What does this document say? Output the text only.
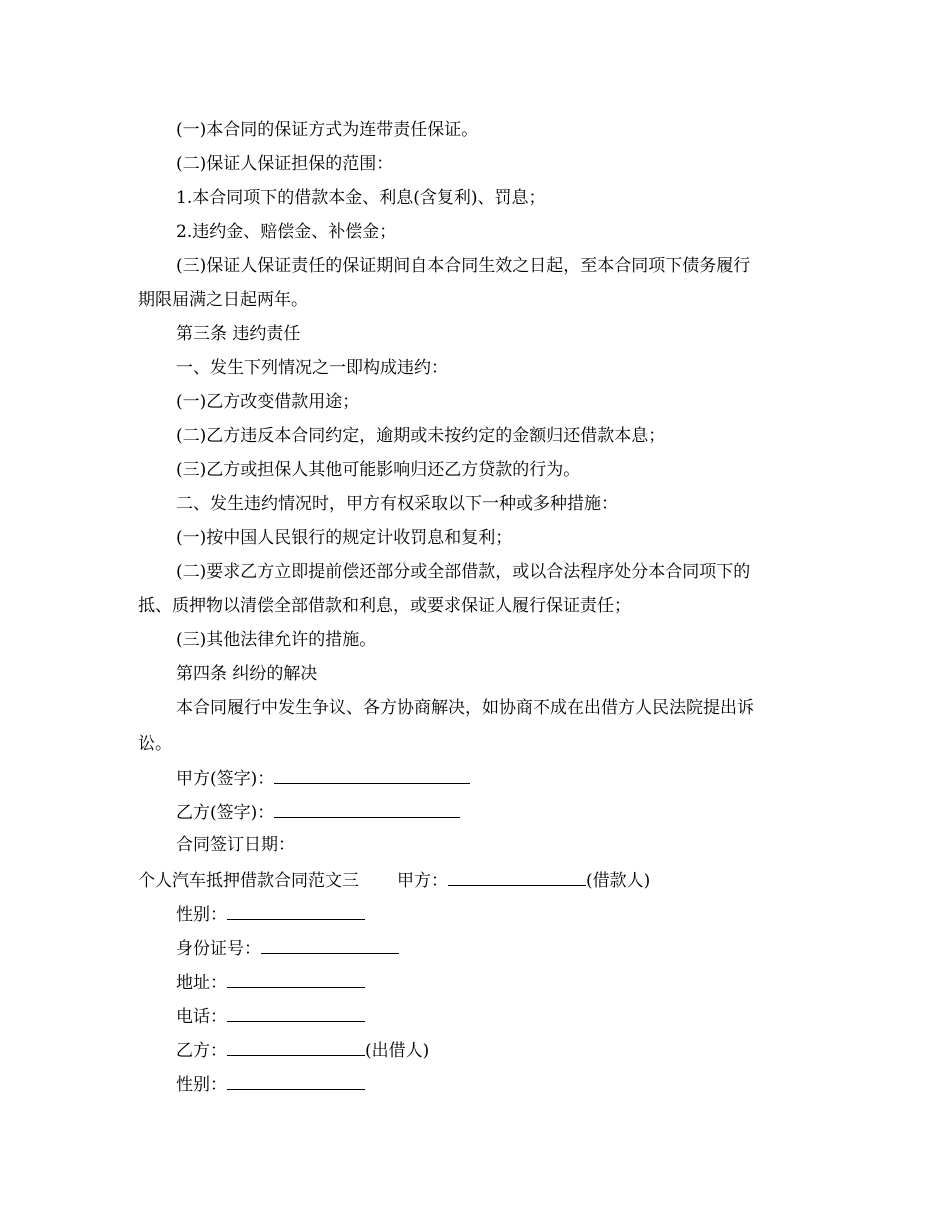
(一)本合同的保证方式为连带责任保证。
(二)保证人保证担保的范围：
1.本合同项下的借款本金、利息(含复利)、罚息；
2.违约金、赔偿金、补偿金；
(三)保证人保证责任的保证期间自本合同生效之日起，至本合同项下债务履行
期限届满之日起两年。
第三条 违约责任
一、发生下列情况之一即构成违约：
(一)乙方改变借款用途；
(二)乙方违反本合同约定，逾期或未按约定的金额归还借款本息；
(三)乙方或担保人其他可能影响归还乙方贷款的行为。
二、发生违约情况时，甲方有权采取以下一种或多种措施：
(一)按中国人民银行的规定计收罚息和复利；
(二)要求乙方立即提前偿还部分或全部借款，或以合法程序处分本合同项下的
抵、质押物以清偿全部借款和利息，或要求保证人履行保证责任；
(三)其他法律允许的措施。
第四条 纠纷的解决
本合同履行中发生争议、各方协商解决，如协商不成在出借方人民法院提出诉
讼。
甲方(签字)：
乙方(签字)：
合同签订日期：
个人汽车抵押借款合同范文三 甲方：	(借款人)
性别：
身份证号：
地址：
电话：
乙方：	(出借人)
性别：
